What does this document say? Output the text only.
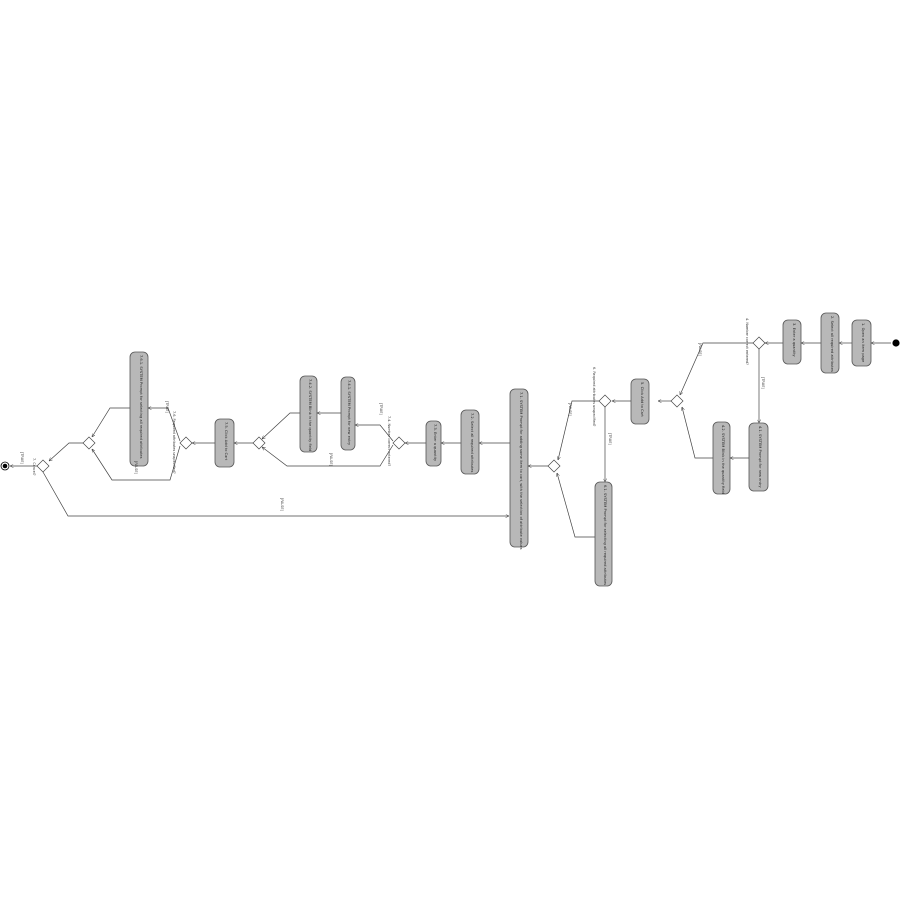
1. Open an item page
2. Select all required attributes
3. Enter a quantity
4.1. SYSTEM Prompt for new entry
4.2. SYSTEM Blink in the quantity field
5. Click Add to Cart
6.1. SYSTEM Prompt for selecting all required attributes
7.1. SYSTEM Prompt for adding same item to cart, with the selection of attribute values
7.2. Select all required attributes
7.3. Enter a quantity
7.4.1. SYSTEM Prompt for new entry
7.4.2. SYSTEM Blink in the quantity field
7.5. Click Add to Cart
7.6.1. SYSTEM Prompt for selecting all required attributes
4. Number correct entered?
6. Required attributes unspecified?
7.4. Number correct entered?
7.6. Required attributes unspecified?
7. Cancel?
[TRUE]
[FALSE]
[TRUE]
[FALSE]
[TRUE]
[FALSE]
[TRUE]
[FALSE]
[TRUE]
[FALSE]
